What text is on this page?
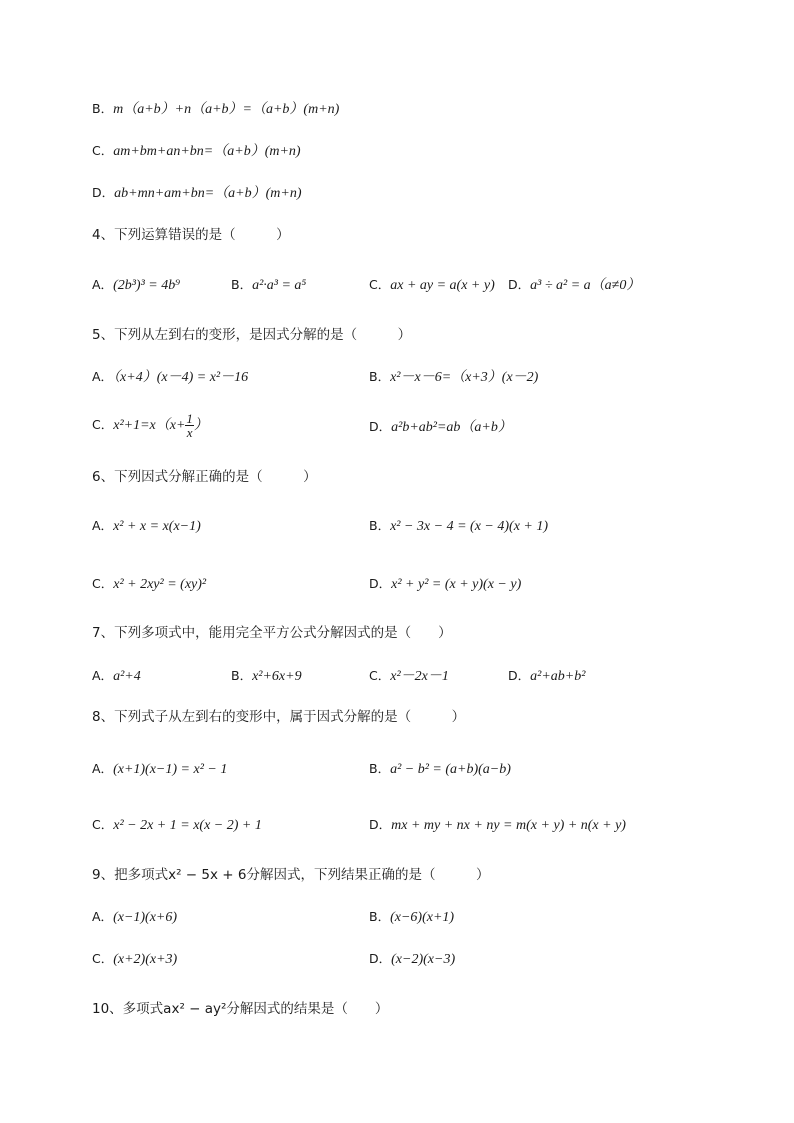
B．m（a+b）+n（a+b）=（a+b）(m+n)
C．am+bm+an+bn=（a+b）(m+n)
D．ab+mn+am+bn=（a+b）(m+n)
4、下列运算错误的是（　　　）
A．(2b³)³ = 4b⁹	B．a²·a³ = a⁵	C．ax + ay = a(x + y) D．a³ ÷ a² = a（a≠0）
5、下列从左到右的变形，是因式分解的是（　　　）
A．（x+4）(x－4) = x²－16	B．x²－x－6=（x+3）(x－2)
C．$x^2+1=x(x+ \frac{1}{x}$ ）	D．a²b+ab²=ab（a+b）
6、下列因式分解正确的是（　　　）
A．x² + x = x(x−1)	B．x² − 3x − 4 = (x − 4)(x + 1)
C．x² + 2xy² = (xy)²	D．x² + y² = (x + y)(x − y)
7、下列多项式中，能用完全平方公式分解因式的是（　　）
A．a²+4	B．x²+6x+9	C．x²－2x－1	D．a²+ab+b²
8、下列式子从左到右的变形中，属于因式分解的是（　　　）
A．(x+1)(x−1) = x² − 1	B．a² − b² = (a+b)(a−b)
C．x² − 2x + 1 = x(x − 2) + 1	D．mx + my + nx + ny = m(x + y) + n(x + y)
9、把多项式x² − 5x + 6分解因式，下列结果正确的是（　　　）
A．(x−1)(x+6)	B．(x−6)(x+1)
C．(x+2)(x+3)	D．(x−2)(x−3)
10、多项式ax² − ay²分解因式的结果是（　　）
